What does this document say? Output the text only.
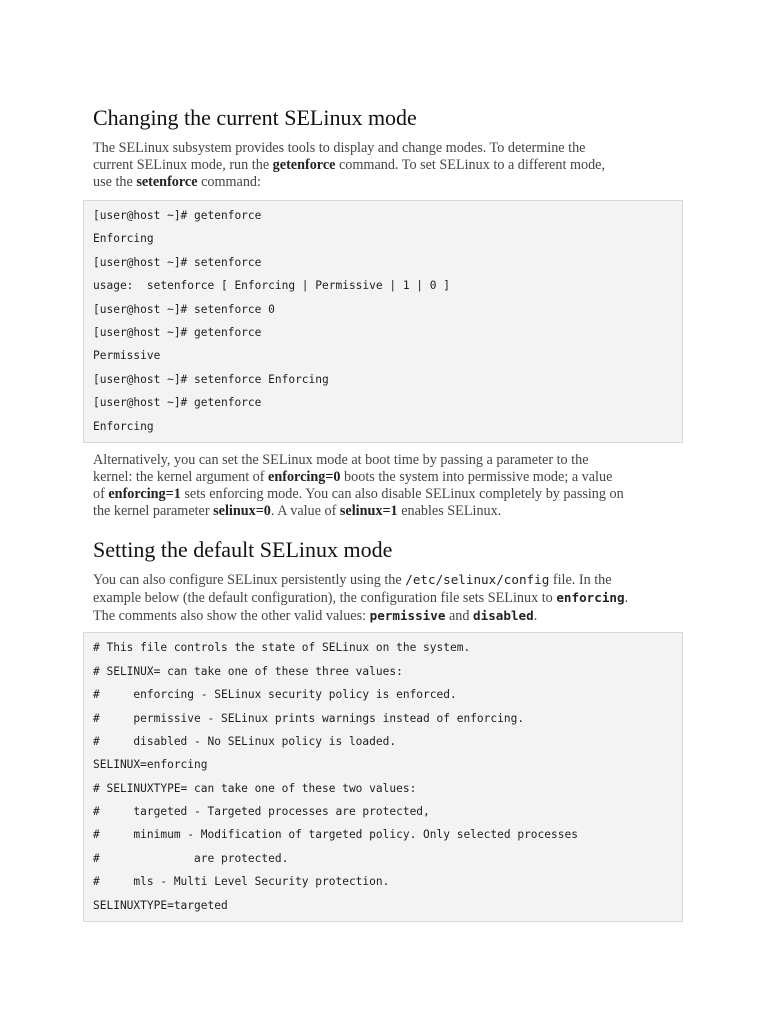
Changing the current SELinux mode
The SELinux subsystem provides tools to display and change modes. To determine the
current SELinux mode, run the getenforce command. To set SELinux to a different mode,
use the setenforce command:
[user@host ~]# getenforce
Enforcing
[user@host ~]# setenforce
usage:  setenforce [ Enforcing | Permissive | 1 | 0 ]
[user@host ~]# setenforce 0
[user@host ~]# getenforce
Permissive
[user@host ~]# setenforce Enforcing
[user@host ~]# getenforce
Enforcing
Alternatively, you can set the SELinux mode at boot time by passing a parameter to the
kernel: the kernel argument of enforcing=0 boots the system into permissive mode; a value
of enforcing=1 sets enforcing mode. You can also disable SELinux completely by passing on
the kernel parameter selinux=0. A value of selinux=1 enables SELinux.
Setting the default SELinux mode
You can also configure SELinux persistently using the /etc/selinux/config file. In the
example below (the default configuration), the configuration file sets SELinux to enforcing.
The comments also show the other valid values: permissive and disabled.
# This file controls the state of SELinux on the system.
# SELINUX= can take one of these three values:
#     enforcing - SELinux security policy is enforced.
#     permissive - SELinux prints warnings instead of enforcing.
#     disabled - No SELinux policy is loaded.
SELINUX=enforcing
# SELINUXTYPE= can take one of these two values:
#     targeted - Targeted processes are protected,
#     minimum - Modification of targeted policy. Only selected processes
#              are protected.
#     mls - Multi Level Security protection.
SELINUXTYPE=targeted
